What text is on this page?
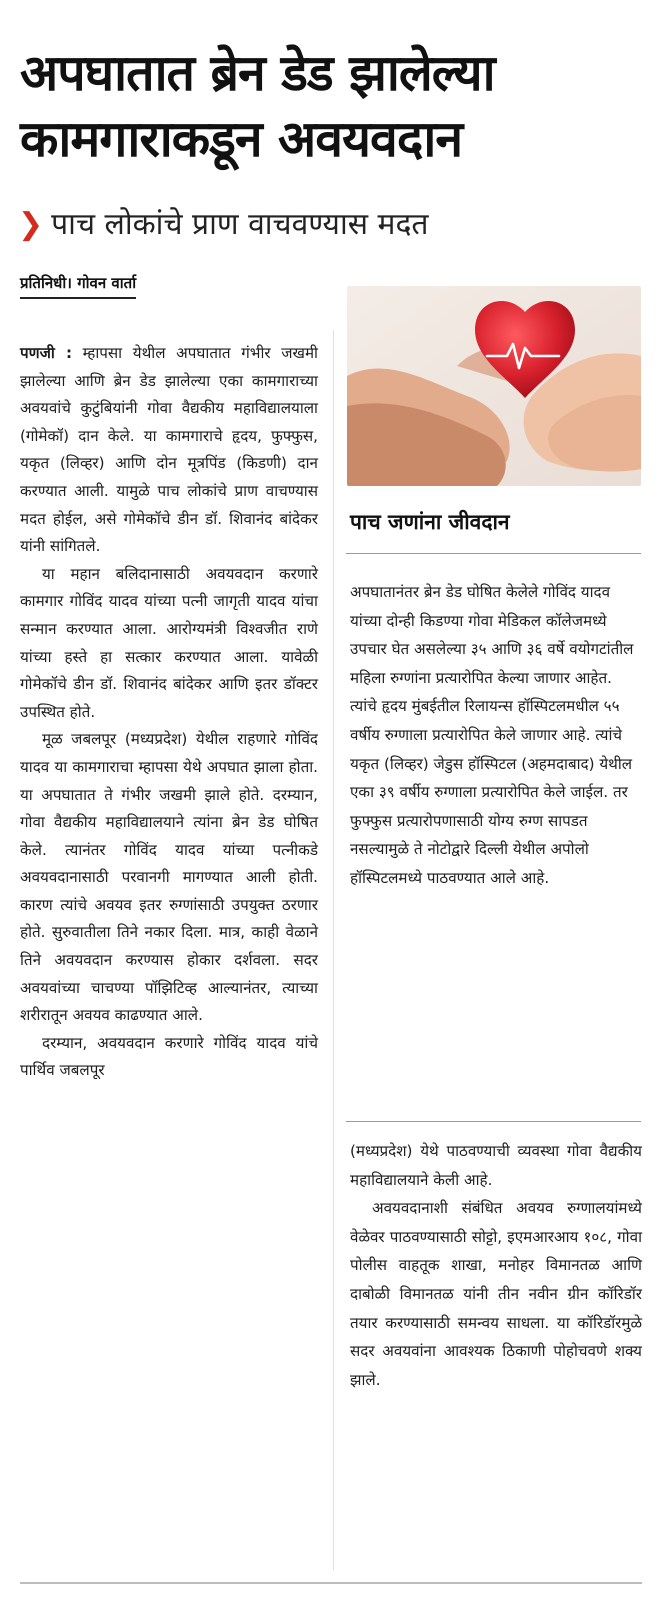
अपघातात ब्रेन डेड झालेल्या कामगाराकडून अवयवदान

❯ पाच लोकांचे प्राण वाचवण्यास मदत

प्रतिनिधी। गोवन वार्ता

पणजी : म्हापसा येथील अपघातात गंभीर जखमी झालेल्या आणि ब्रेन डेड झालेल्या एका कामगाराच्या अवयवांचे कुटुंबियांनी गोवा वैद्यकीय महाविद्यालयाला (गोमेकॉ) दान केले. या कामगाराचे हृदय, फुफ्फुस, यकृत (लिव्हर) आणि दोन मूत्रपिंड (किडणी) दान करण्यात आली. यामुळे पाच लोकांचे प्राण वाचण्यास मदत होईल, असे गोमेकॉचे डीन डॉ. शिवानंद बांदेकर यांनी सांगितले.

या महान बलिदानासाठी अवयवदान करणारे कामगार गोविंद यादव यांच्या पत्नी जागृती यादव यांचा सन्मान करण्यात आला. आरोग्यमंत्री विश्वजीत राणे यांच्या हस्ते हा सत्कार करण्यात आला. यावेळी गोमेकॉचे डीन डॉ. शिवानंद बांदेकर आणि इतर डॉक्टर उपस्थित होते.

मूळ जबलपूर (मध्यप्रदेश) येथील राहणारे गोविंद यादव या कामगाराचा म्हापसा येथे अपघात झाला होता. या अपघातात ते गंभीर जखमी झाले होते. दरम्यान, गोवा वैद्यकीय महाविद्यालयाने त्यांना ब्रेन डेड घोषित केले. त्यानंतर गोविंद यादव यांच्या पत्नीकडे अवयवदानासाठी परवानगी मागण्यात आली होती. कारण त्यांचे अवयव इतर रुग्णांसाठी उपयुक्त ठरणार होते. सुरुवातीला तिने नकार दिला. मात्र, काही वेळाने तिने अवयवदान करण्यास होकार दर्शवला. सदर अवयवांच्या चाचण्या पॉझिटिव्ह आल्यानंतर, त्याच्या शरीरातून अवयव काढण्यात आले.

दरम्यान, अवयवदान करणारे गोविंद यादव यांचे पार्थिव जबलपूर

पाच जणांना जीवदान

अपघातानंतर ब्रेन डेड घोषित केलेले गोविंद यादव यांच्या दोन्ही किडण्या गोवा मेडिकल कॉलेजमध्ये उपचार घेत असलेल्या ३५ आणि ३६ वर्षे वयोगटांतील महिला रुग्णांना प्रत्यारोपित केल्या जाणार आहेत. त्यांचे हृदय मुंबईतील रिलायन्स हॉस्पिटलमधील ५५ वर्षीय रुग्णाला प्रत्यारोपित केले जाणार आहे. त्यांचे यकृत (लिव्हर) जेडुस हॉस्पिटल (अहमदाबाद) येथील एका ३९ वर्षीय रुग्णाला प्रत्यारोपित केले जाईल. तर फुफ्फुस प्रत्यारोपणासाठी योग्य रुग्ण सापडत नसल्यामुळे ते नोटोद्वारे दिल्ली येथील अपोलो हॉस्पिटलमध्ये पाठवण्यात आले आहे.

(मध्यप्रदेश) येथे पाठवण्याची व्यवस्था गोवा वैद्यकीय महाविद्यालयाने केली आहे.

अवयवदानाशी संबंधित अवयव रुग्णालयांमध्ये वेळेवर पाठवण्यासाठी सोट्टो, इएमआरआय १०८, गोवा पोलीस वाहतूक शाखा, मनोहर विमानतळ आणि दाबोळी विमानतळ यांनी तीन नवीन ग्रीन कॉरिडॉर तयार करण्यासाठी समन्वय साधला. या कॉरिडॉरमुळे सदर अवयवांना आवश्यक ठिकाणी पोहोचवणे शक्य झाले.
